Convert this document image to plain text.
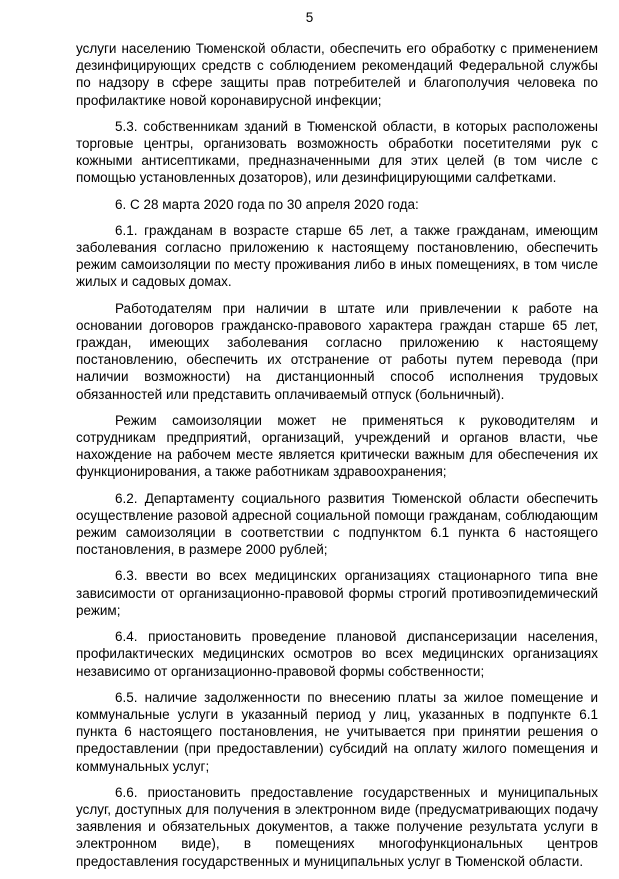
5

услуги населению Тюменской области, обеспечить его обработку с применением дезинфицирующих средств с соблюдением рекомендаций Федеральной службы по надзору в сфере защиты прав потребителей и благополучия человека по профилактике новой коронавирусной инфекции;

5.3. собственникам зданий в Тюменской области, в которых расположены торговые центры, организовать возможность обработки посетителями рук с кожными антисептиками, предназначенными для этих целей (в том числе с помощью установленных дозаторов), или дезинфицирующими салфетками.

6. С 28 марта 2020 года по 30 апреля 2020 года:

6.1. гражданам в возрасте старше 65 лет, а также гражданам, имеющим заболевания согласно приложению к настоящему постановлению, обеспечить режим самоизоляции по месту проживания либо в иных помещениях, в том числе жилых и садовых домах.

Работодателям при наличии в штате или привлечении к работе на основании договоров гражданско-правового характера граждан старше 65 лет, граждан, имеющих заболевания согласно приложению к настоящему постановлению, обеспечить их отстранение от работы путем перевода (при наличии возможности) на дистанционный способ исполнения трудовых обязанностей или представить оплачиваемый отпуск (больничный).

Режим самоизоляции может не применяться к руководителям и сотрудникам предприятий, организаций, учреждений и органов власти, чье нахождение на рабочем месте является критически важным для обеспечения их функционирования, а также работникам здравоохранения;

6.2. Департаменту социального развития Тюменской области обеспечить осуществление разовой адресной социальной помощи гражданам, соблюдающим режим самоизоляции в соответствии с подпунктом 6.1 пункта 6 настоящего постановления, в размере 2000 рублей;

6.3. ввести во всех медицинских организациях стационарного типа вне зависимости от организационно-правовой формы строгий противоэпидемический режим;

6.4. приостановить проведение плановой диспансеризации населения, профилактических медицинских осмотров во всех медицинских организациях независимо от организационно-правовой формы собственности;

6.5. наличие задолженности по внесению платы за жилое помещение и коммунальные услуги в указанный период у лиц, указанных в подпункте 6.1 пункта 6 настоящего постановления, не учитывается при принятии решения о предоставлении (при предоставлении) субсидий на оплату жилого помещения и коммунальных услуг;

6.6. приостановить предоставление государственных и муниципальных услуг, доступных для получения в электронном виде (предусматривающих подачу заявления и обязательных документов, а также получение результата услуги в электронном виде), в помещениях многофункциональных центров предоставления государственных и муниципальных услуг в Тюменской области.
